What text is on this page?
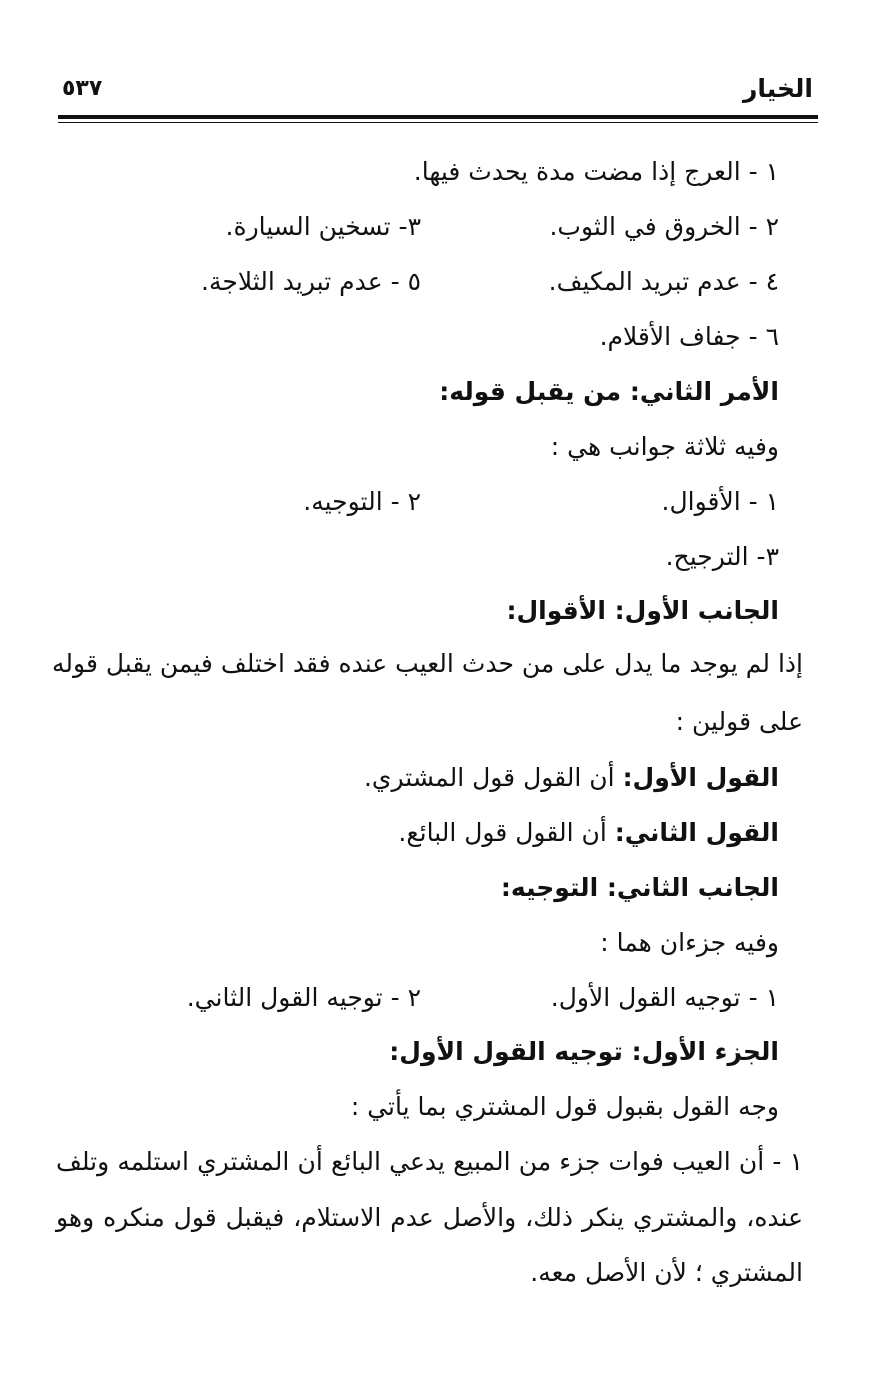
الخيار
٥٣٧
١ - العرج إذا مضت مدة يحدث فيها.
٢ - الخروق في الثوب.
٣- تسخين السيارة.
٤ - عدم تبريد المكيف.
٥ - عدم تبريد الثلاجة.
٦ - جفاف الأقلام.
الأمر الثاني: من يقبل قوله:
وفيه ثلاثة جوانب هي :
١ - الأقوال.
٢ - التوجيه.
٣- الترجيح.
الجانب الأول: الأقوال:
إذا لم يوجد ما يدل على من حدث العيب عنده فقد اختلف فيمن يقبل قوله
على قولين :
القول الأول: أن القول قول المشتري.
القول الثاني: أن القول قول البائع.
الجانب الثاني: التوجيه:
وفيه جزءان هما :
١ - توجيه القول الأول.
٢ - توجيه القول الثاني.
الجزء الأول: توجيه القول الأول:
وجه القول بقبول قول المشتري بما يأتي :
١ - أن العيب فوات جزء من المبيع يدعي البائع أن المشتري استلمه وتلف
عنده، والمشتري ينكر ذلك، والأصل عدم الاستلام، فيقبل قول منكره وهو
المشتري ؛ لأن الأصل معه.
